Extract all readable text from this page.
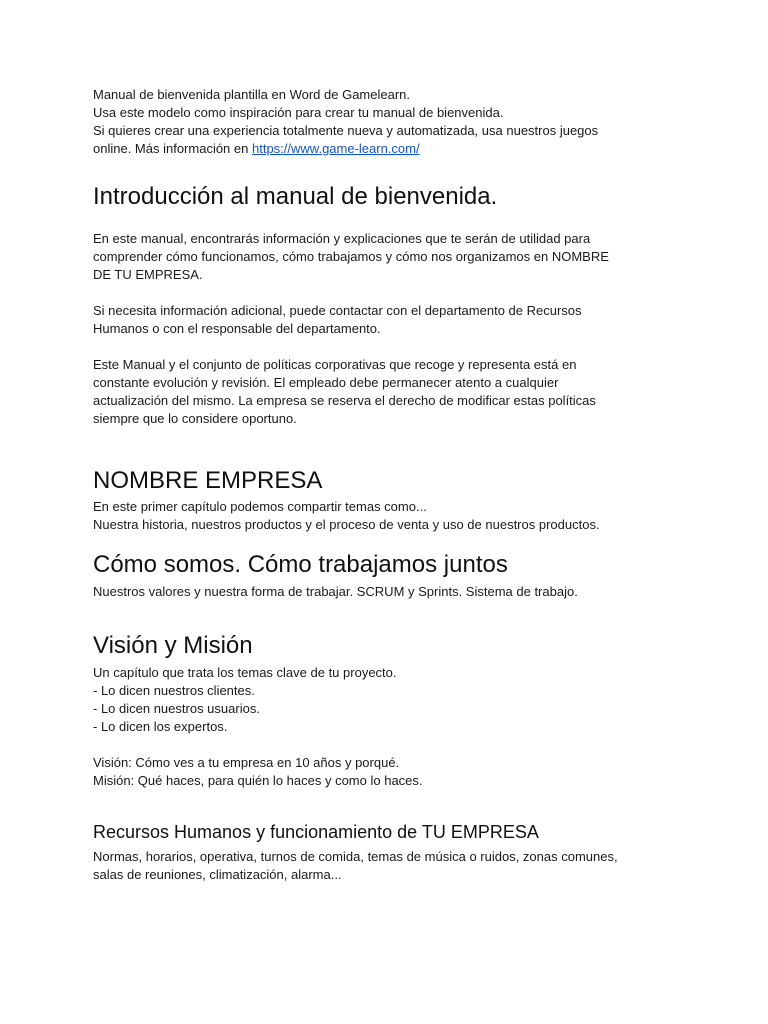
Manual de bienvenida plantilla en Word de Gamelearn.
Usa este modelo como inspiración para crear tu manual de bienvenida.
Si quieres crear una experiencia totalmente nueva y automatizada, usa nuestros juegos
online. Más información en https://www.game-learn.com/

Introducción al manual de bienvenida.

En este manual, encontrarás información y explicaciones que te serán de utilidad para
comprender cómo funcionamos, cómo trabajamos y cómo nos organizamos en NOMBRE
DE TU EMPRESA.

Si necesita información adicional, puede contactar con el departamento de Recursos
Humanos o con el responsable del departamento.

Este Manual y el conjunto de políticas corporativas que recoge y representa está en
constante evolución y revisión. El empleado debe permanecer atento a cualquier
actualización del mismo. La empresa se reserva el derecho de modificar estas políticas
siempre que lo considere oportuno.

NOMBRE EMPRESA

En este primer capítulo podemos compartir temas como...
Nuestra historia, nuestros productos y el proceso de venta y uso de nuestros productos.

Cómo somos. Cómo trabajamos juntos

Nuestros valores y nuestra forma de trabajar. SCRUM y Sprints. Sistema de trabajo.

Visión y Misión

Un capítulo que trata los temas clave de tu proyecto.
- Lo dicen nuestros clientes.
- Lo dicen nuestros usuarios.
- Lo dicen los expertos.

Visión: Cómo ves a tu empresa en 10 años y porqué.
Misión: Qué haces, para quién lo haces y como lo haces.

Recursos Humanos y funcionamiento de TU EMPRESA

Normas, horarios, operativa, turnos de comida, temas de música o ruidos, zonas comunes,
salas de reuniones, climatización, alarma...
